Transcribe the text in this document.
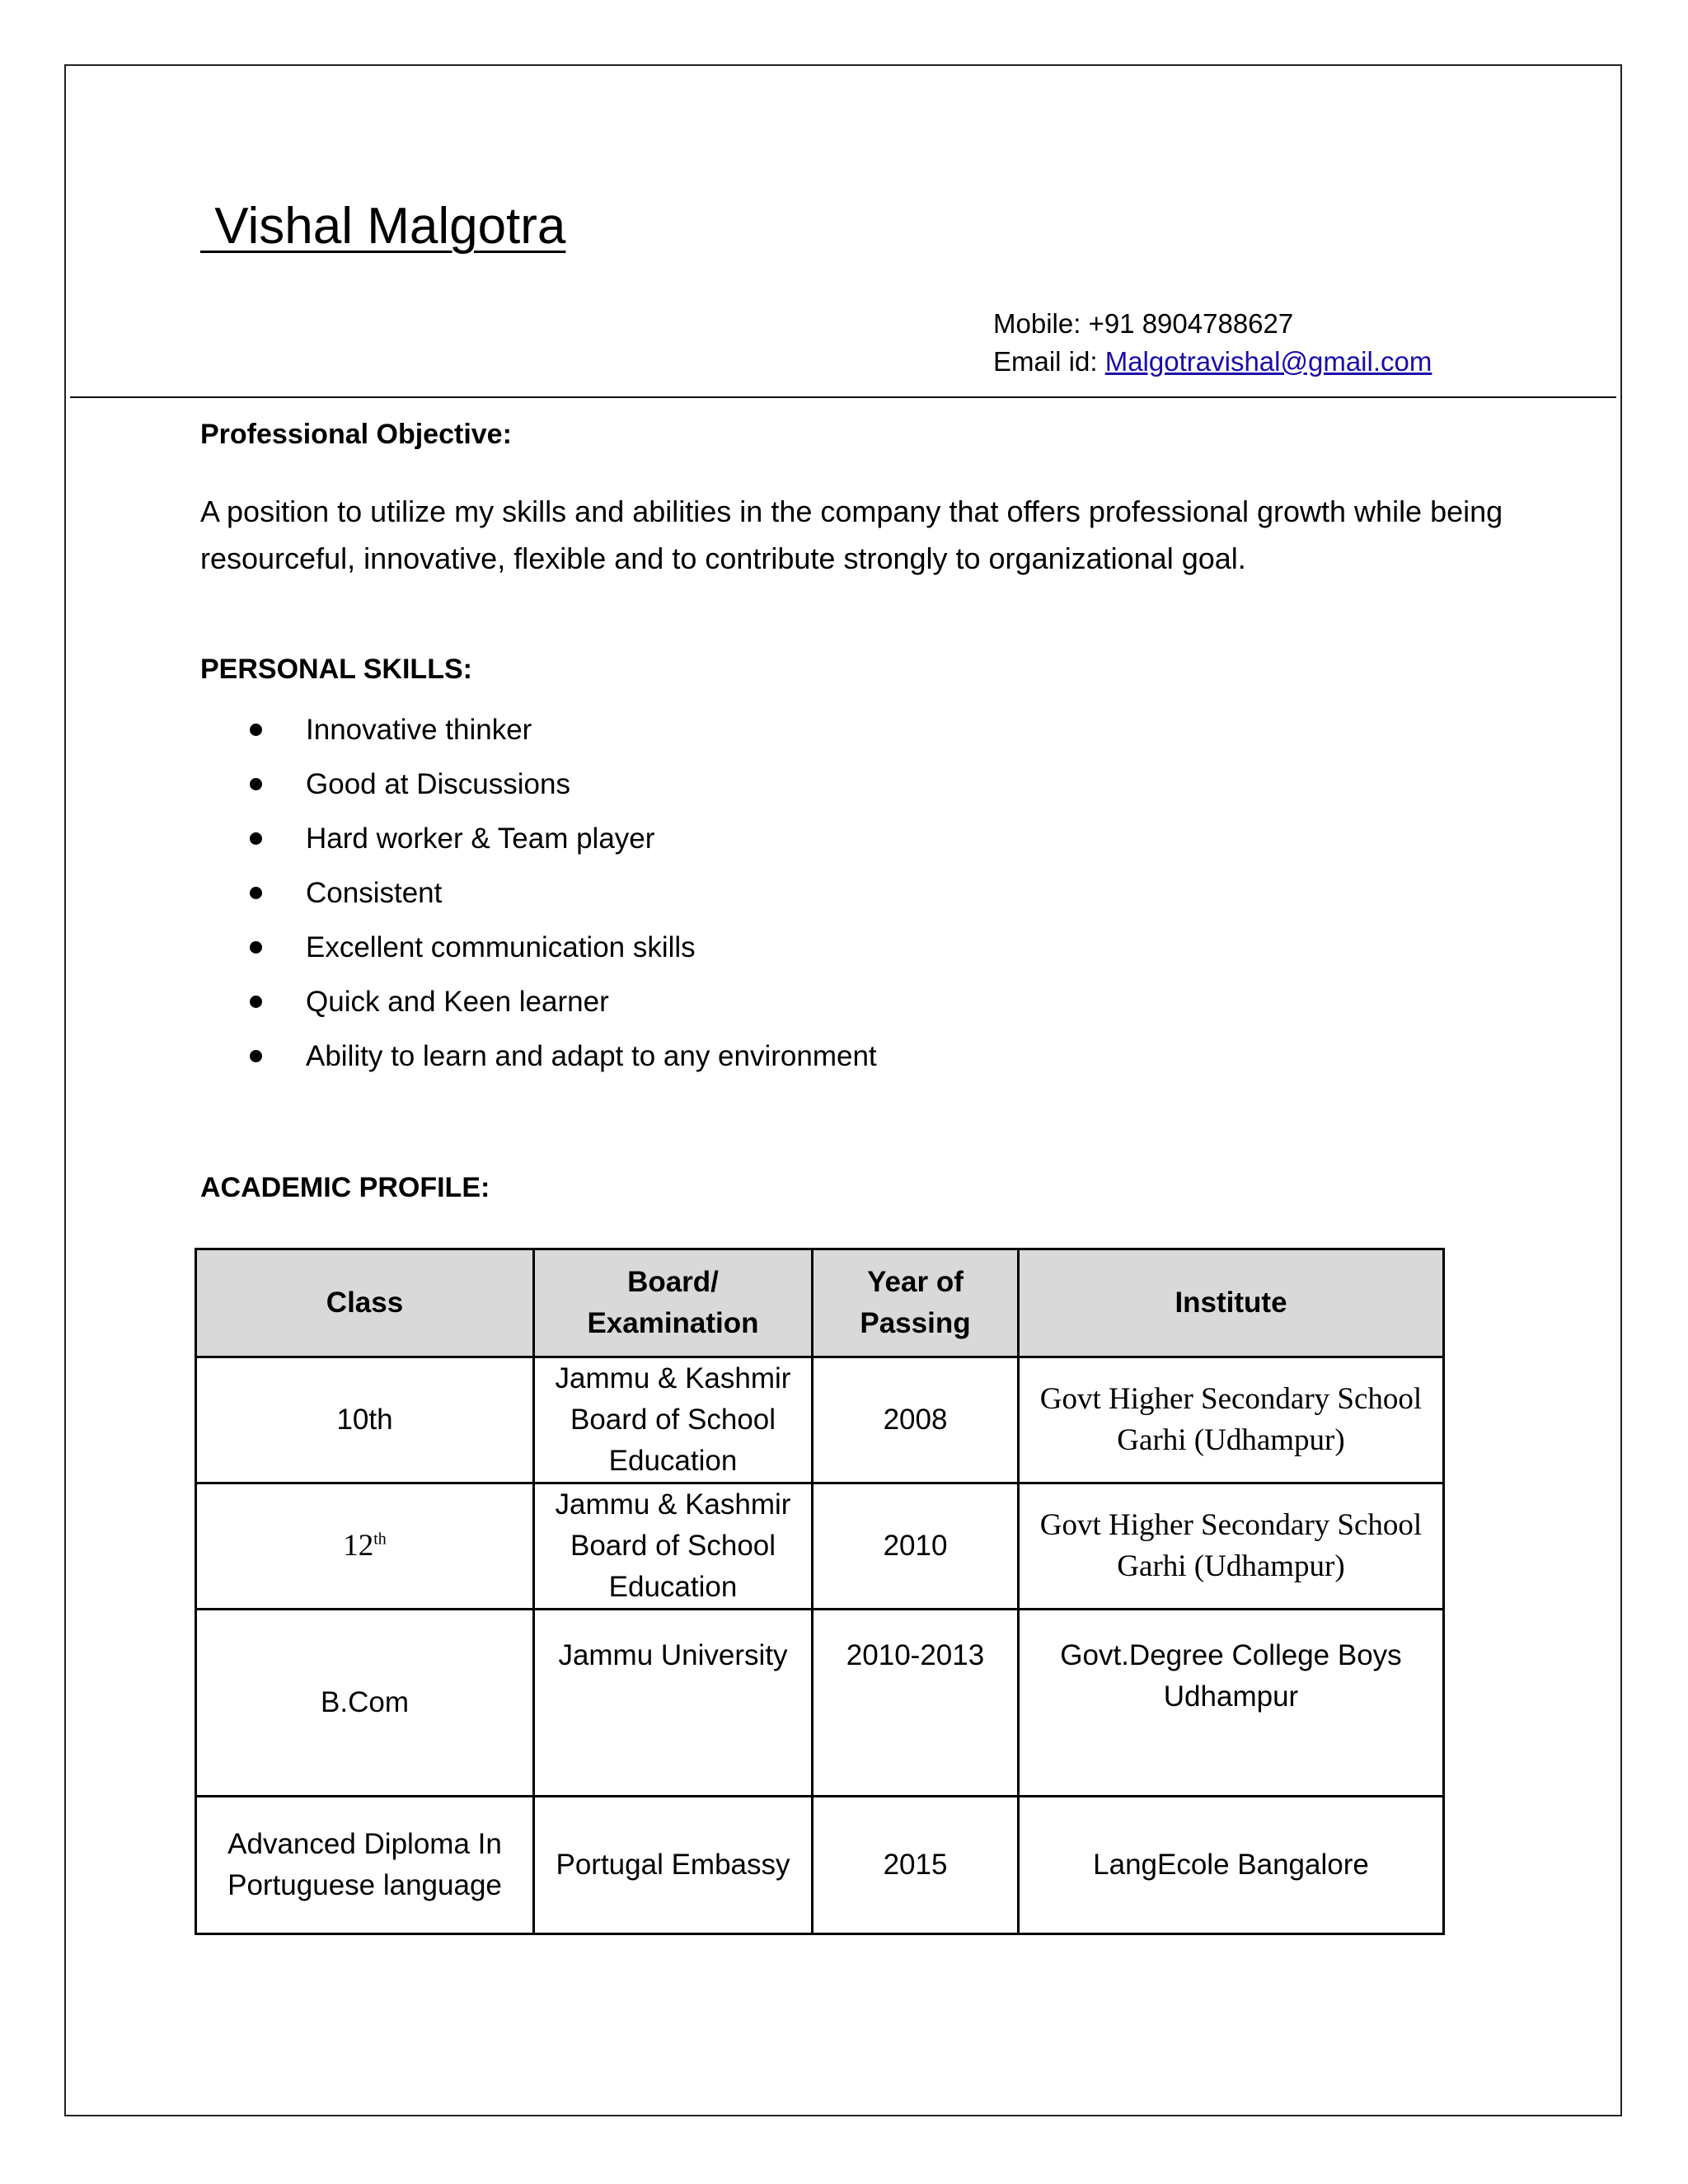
Vishal Malgotra
Mobile: +91 8904788627
Email id: Malgotravishal@gmail.com
Professional Objective:
A position to utilize my skills and abilities in the company that offers professional growth while being resourceful, innovative, flexible and to contribute strongly to organizational goal.
PERSONAL SKILLS:
Innovative thinker
Good at Discussions
Hard worker & Team player
Consistent
Excellent communication skills
Quick and Keen learner
Ability to learn and adapt to any environment
ACADEMIC PROFILE:
Class	Board/ Examination	Year of Passing	Institute
10th	Jammu & Kashmir Board of School Education	2008	Govt Higher Secondary School Garhi (Udhampur)
12th	Jammu & Kashmir Board of School Education	2010	Govt Higher Secondary School Garhi (Udhampur)
B.Com	Jammu University	2010-2013	Govt.Degree College Boys Udhampur
Advanced Diploma In Portuguese language	Portugal Embassy	2015	LangEcole Bangalore
